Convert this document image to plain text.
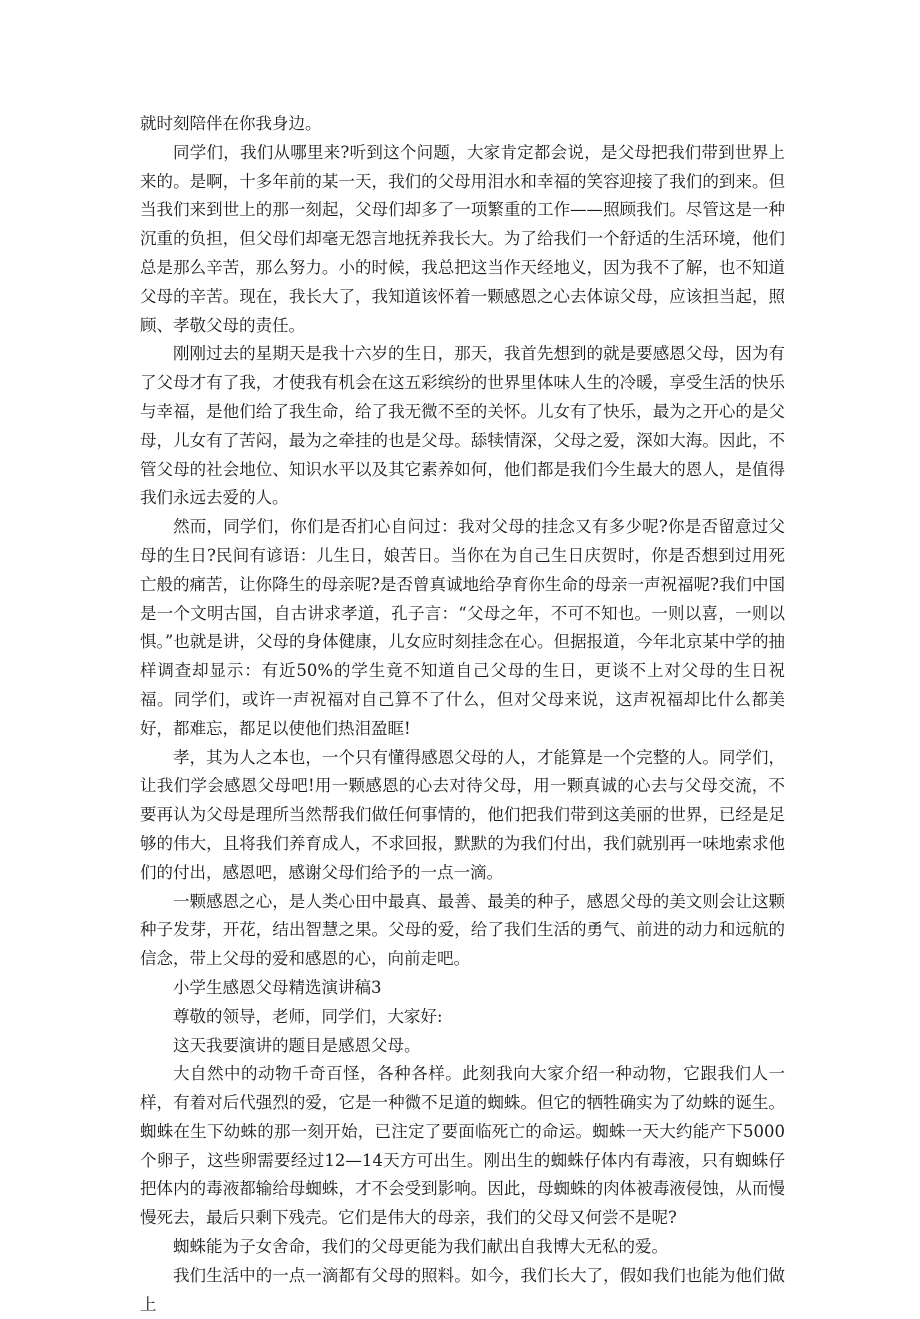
就时刻陪伴在你我身边。

同学们，我们从哪里来?听到这个问题，大家肯定都会说，是父母把我们带到世界上来的。是啊，十多年前的某一天，我们的父母用泪水和幸福的笑容迎接了我们的到来。但当我们来到世上的那一刻起，父母们却多了一项繁重的工作——照顾我们。尽管这是一种沉重的负担，但父母们却毫无怨言地抚养我长大。为了给我们一个舒适的生活环境，他们总是那么辛苦，那么努力。小的时候，我总把这当作天经地义，因为我不了解，也不知道父母的辛苦。现在，我长大了，我知道该怀着一颗感恩之心去体谅父母，应该担当起，照顾、孝敬父母的责任。

刚刚过去的星期天是我十六岁的生日，那天，我首先想到的就是要感恩父母，因为有了父母才有了我，才使我有机会在这五彩缤纷的世界里体味人生的冷暖，享受生活的快乐与幸福，是他们给了我生命，给了我无微不至的关怀。儿女有了快乐，最为之开心的是父母，儿女有了苦闷，最为之牵挂的也是父母。舔犊情深，父母之爱，深如大海。因此，不管父母的社会地位、知识水平以及其它素养如何，他们都是我们今生最大的恩人，是值得我们永远去爱的人。

然而，同学们，你们是否扪心自问过：我对父母的挂念又有多少呢?你是否留意过父母的生日?民间有谚语：儿生日，娘苦日。当你在为自己生日庆贺时，你是否想到过用死亡般的痛苦，让你降生的母亲呢?是否曾真诚地给孕育你生命的母亲一声祝福呢?我们中国是一个文明古国，自古讲求孝道，孔子言：“父母之年，不可不知也。一则以喜，一则以惧。”也就是讲，父母的身体健康，儿女应时刻挂念在心。但据报道，今年北京某中学的抽样调查却显示：有近50%的学生竟不知道自己父母的生日，更谈不上对父母的生日祝福。同学们，或许一声祝福对自己算不了什么，但对父母来说，这声祝福却比什么都美好，都难忘，都足以使他们热泪盈眶!

孝，其为人之本也，一个只有懂得感恩父母的人，才能算是一个完整的人。同学们，让我们学会感恩父母吧!用一颗感恩的心去对待父母，用一颗真诚的心去与父母交流，不要再认为父母是理所当然帮我们做任何事情的，他们把我们带到这美丽的世界，已经是足够的伟大，且将我们养育成人，不求回报，默默的为我们付出，我们就别再一味地索求他们的付出，感恩吧，感谢父母们给予的一点一滴。

一颗感恩之心，是人类心田中最真、最善、最美的种子，感恩父母的美文则会让这颗种子发芽，开花，结出智慧之果。父母的爱，给了我们生活的勇气、前进的动力和远航的信念，带上父母的爱和感恩的心，向前走吧。

小学生感恩父母精选演讲稿3

尊敬的领导，老师，同学们，大家好:

这天我要演讲的题目是感恩父母。

大自然中的动物千奇百怪，各种各样。此刻我向大家介绍一种动物，它跟我们人一样，有着对后代强烈的爱，它是一种微不足道的蜘蛛。但它的牺牲确实为了幼蛛的诞生。蜘蛛在生下幼蛛的那一刻开始，已注定了要面临死亡的命运。蜘蛛一天大约能产下5000个卵子，这些卵需要经过12—14天方可出生。刚出生的蜘蛛仔体内有毒液，只有蜘蛛仔把体内的毒液都输给母蜘蛛，才不会受到影响。因此，母蜘蛛的肉体被毒液侵蚀，从而慢慢死去，最后只剩下残壳。它们是伟大的母亲，我们的父母又何尝不是呢?

蜘蛛能为子女舍命，我们的父母更能为我们献出自我博大无私的爱。

我们生活中的一点一滴都有父母的照料。如今，我们长大了，假如我们也能为他们做上
